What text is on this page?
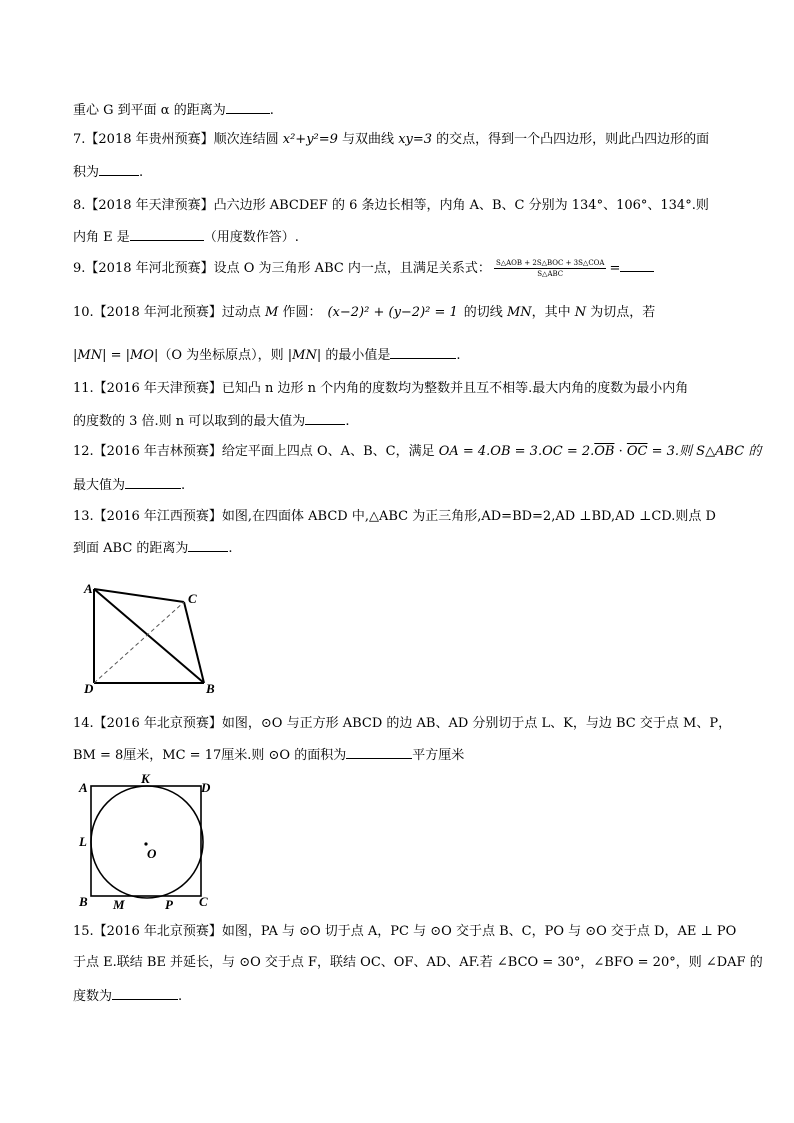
重心 G 到平面 α 的距离为	.
7.【2018 年贵州预赛】顺次连结圆 x²+y²=9 与双曲线 xy=3 的交点，得到一个凸四边形，则此凸四边形的面
积为	.
8.【2018 年天津预赛】凸六边形 ABCDEF 的 6 条边长相等，内角 A、B、C 分别为 134°、106°、134°.则
内角 E 是	（用度数作答）.
9.【2018 年河北预赛】设点 O 为三角形 ABC 内一点，且满足关系式： $\frac{\text{S△AOB + 2S△BOC + 3S△COA}}{\text{S△ABC}}$ =
10.【2018 年河北预赛】过动点 M 作圆： (x−2)² + (y−2)² = 1 的切线 MN，其中 N 为切点，若
|MN| = |MO|（O 为坐标原点），则 |MN| 的最小值是	.
11.【2016 年天津预赛】已知凸 n 边形 n 个内角的度数均为整数并且互不相等.最大内角的度数为最小内角
的度数的 3 倍.则 n 可以取到的最大值为	.
12.【2016 年吉林预赛】给定平面上四点 O、A、B、C，满足 OA = $4.OB = 3.OC = 2.\overline{OB} \cdot \overline{OC} = 3$.则 S△ABC 的
最大值为	.
13.【2016 年江西预赛】如图,在四面体 ABCD 中,△ABC 为正三角形,AD=BD=2,AD ⊥BD,AD ⊥CD.则点 D
到面 ABC 的距离为	.
A
C
D	B
14.【2016 年北京预赛】如图，⊙O 与正方形 ABCD 的边 AB、AD 分别切于点 L、K，与边 BC 交于点 M、P，
BM = 8厘米，MC = 17厘米.则 ⊙O 的面积为	平方厘米
A
K
D
L
O
B M	P C
15.【2016 年北京预赛】如图，PA 与 ⊙O 切于点 A，PC 与 ⊙O 交于点 B、C，PO 与 ⊙O 交于点 D，AE ⊥ PO
于点 E.联结 BE 并延长，与 ⊙O 交于点 F，联结 OC、OF、AD、AF.若 ∠BCO = 30°，∠BFO = 20°，则 ∠DAF 的
度数为	.
